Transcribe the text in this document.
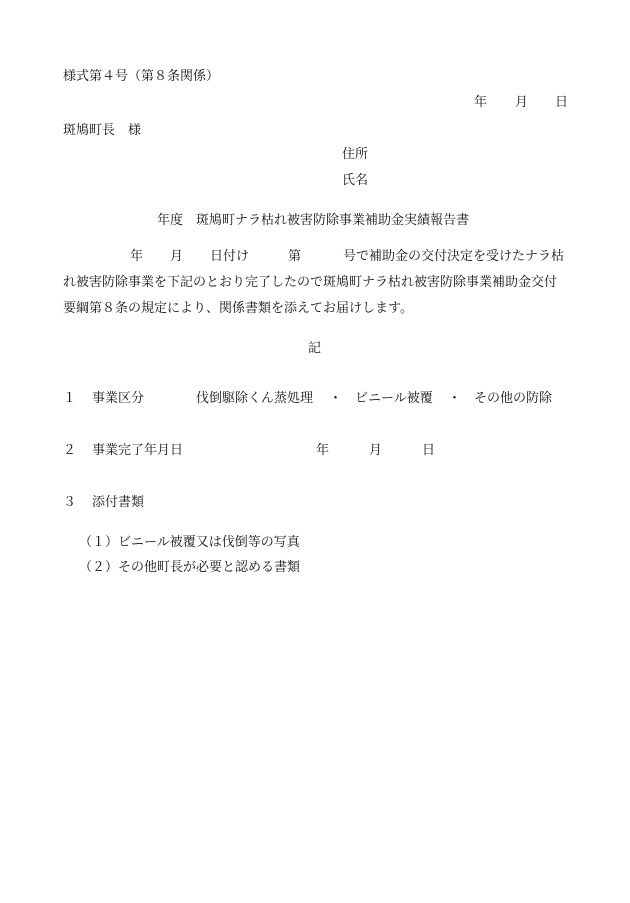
様式第４号（第８条関係）
年 月 日
斑鳩町長　様
住所
氏名
年度　斑鳩町ナラ枯れ被害防除事業補助金実績報告書
年 月 日付け	第	号で補助金の交付決定を受けたナラ枯
れ被害防除事業を下記のとおり完了したので斑鳩町ナラ枯れ被害防除事業補助金交付
要綱第８条の規定により、関係書類を添えてお届けします。
記
１ 事業区分	伐倒駆除くん蒸処理 ・ ビニール被覆 ・ その他の防除
２ 事業完了年月日	年	月	日
３ 添付書類
（１）ビニール被覆又は伐倒等の写真
（２）その他町長が必要と認める書類
